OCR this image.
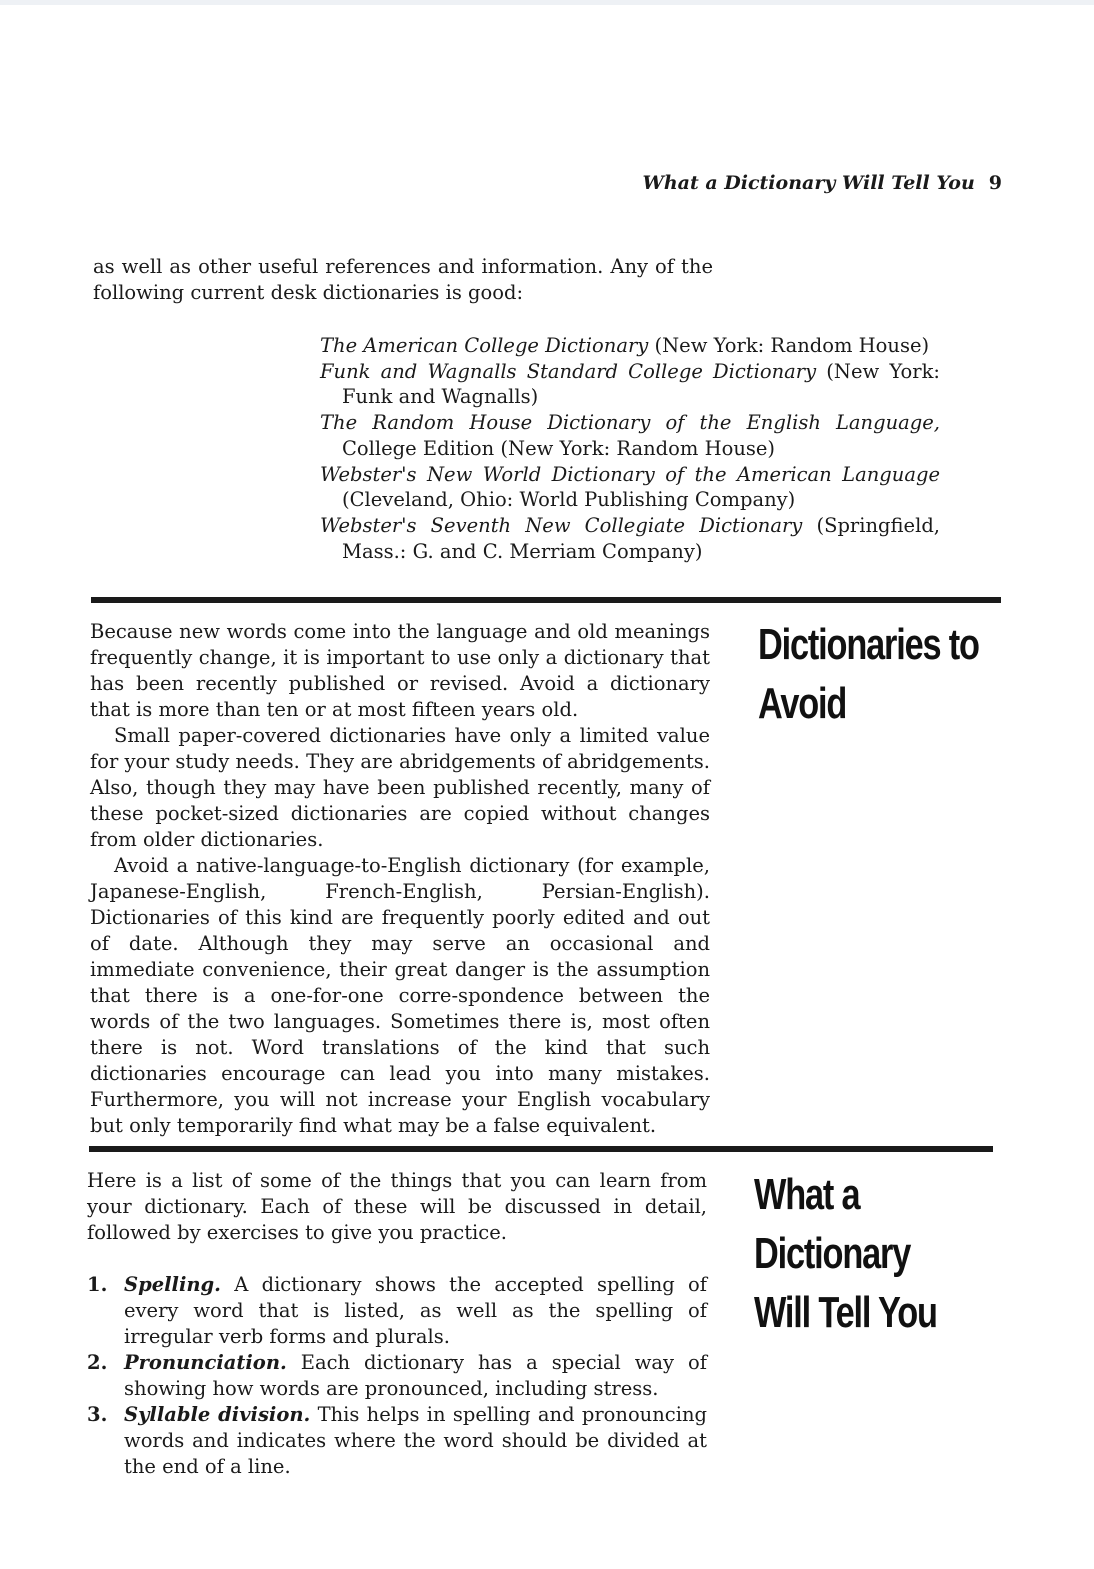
What a Dictionary Will Tell You 9

as well as other useful references and information. Any of the following current desk dictionaries is good:

The American College Dictionary (New York: Random House)
Funk and Wagnalls Standard College Dictionary (New York: Funk and Wagnalls)
The Random House Dictionary of the English Language, College Edition (New York: Random House)
Webster's New World Dictionary of the American Language (Cleveland, Ohio: World Publishing Company)
Webster's Seventh New Collegiate Dictionary (Springfield, Mass.: G. and C. Merriam Company)

Because new words come into the language and old meanings frequently change, it is important to use only a dictionary that has been recently published or revised. Avoid a dictionary that is more than ten or at most fifteen years old.

Small paper-covered dictionaries have only a limited value for your study needs. They are abridgements of abridgements. Also, though they may have been published recently, many of these pocket-sized dictionaries are copied without changes from older dictionaries.

Avoid a native-language-to-English dictionary (for example, Japanese-English, French-English, Persian-English). Dictionaries of this kind are frequently poorly edited and out of date. Although they may serve an occasional and immediate convenience, their great danger is the assumption that there is a one-for-one corre-spondence between the words of the two languages. Sometimes there is, most often there is not. Word translations of the kind that such dictionaries encourage can lead you into many mistakes. Furthermore, you will not increase your English vocabulary but only temporarily find what may be a false equivalent.

Dictionaries to
Avoid

Here is a list of some of the things that you can learn from your dictionary. Each of these will be discussed in detail, followed by exercises to give you practice.

1. Spelling. A dictionary shows the accepted spelling of every word that is listed, as well as the spelling of irregular verb forms and plurals.
2. Pronunciation. Each dictionary has a special way of showing how words are pronounced, including stress.
3. Syllable division. This helps in spelling and pronouncing words and indicates where the word should be divided at the end of a line.
What a Dictionary
Will Tell You
